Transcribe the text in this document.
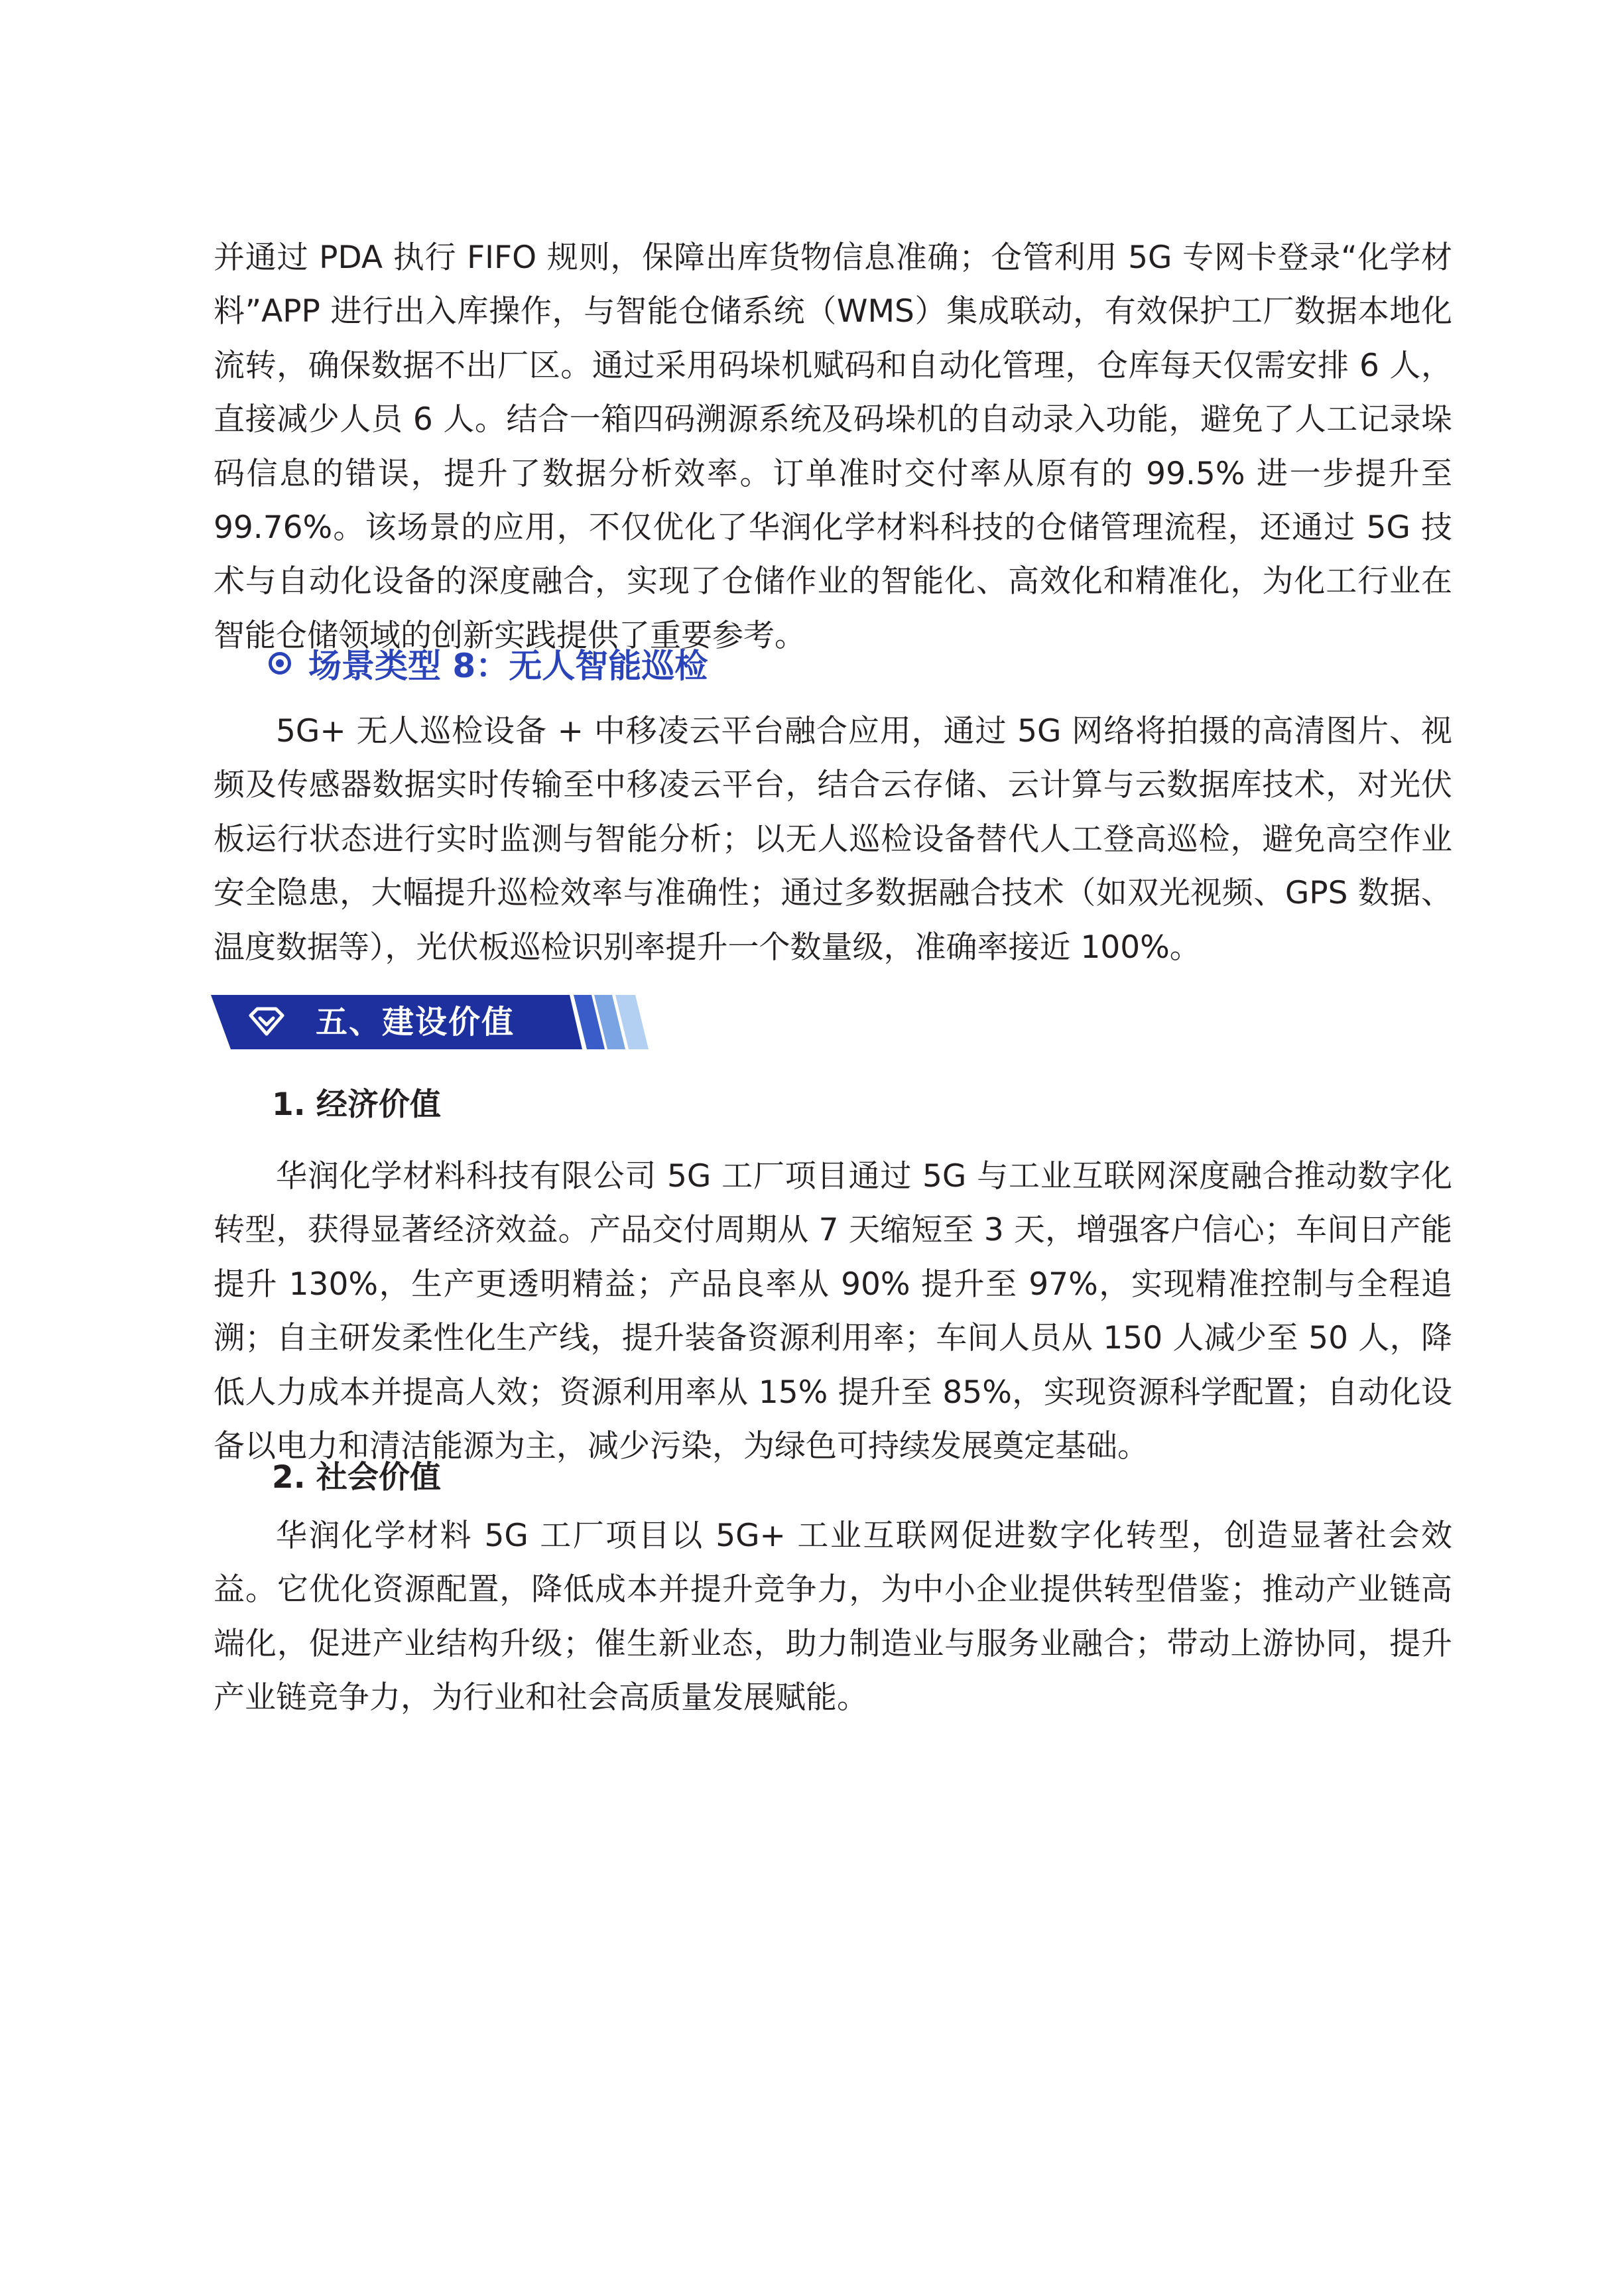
并通过 PDA 执行 FIFO 规则，保障出库货物信息准确；仓管利用 5G 专网卡登录“化学材料”APP 进行出入库操作，与智能仓储系统（WMS）集成联动，有效保护工厂数据本地化流转，确保数据不出厂区。通过采用码垛机赋码和自动化管理，仓库每天仅需安排 6 人，直接减少人员 6 人。结合一箱四码溯源系统及码垛机的自动录入功能，避免了人工记录垛码信息的错误，提升了数据分析效率。订单准时交付率从原有的 99.5% 进一步提升至 99.76%。该场景的应用，不仅优化了华润化学材料科技的仓储管理流程，还通过 5G 技术与自动化设备的深度融合，实现了仓储作业的智能化、高效化和精准化，为化工行业在智能仓储领域的创新实践提供了重要参考。

场景类型 8：无人智能巡检

5G+ 无人巡检设备 + 中移凌云平台融合应用，通过 5G 网络将拍摄的高清图片、视频及传感器数据实时传输至中移凌云平台，结合云存储、云计算与云数据库技术，对光伏板运行状态进行实时监测与智能分析；以无人巡检设备替代人工登高巡检，避免高空作业安全隐患，大幅提升巡检效率与准确性；通过多数据融合技术（如双光视频、GPS 数据、温度数据等），光伏板巡检识别率提升一个数量级，准确率接近 100%。

五、建设价值
1. 经济价值

华润化学材料科技有限公司 5G 工厂项目通过 5G 与工业互联网深度融合推动数字化转型，获得显著经济效益。产品交付周期从 7 天缩短至 3 天，增强客户信心；车间日产能提升 130%，生产更透明精益；产品良率从 90% 提升至 97%，实现精准控制与全程追溯；自主研发柔性化生产线，提升装备资源利用率；车间人员从 150 人减少至 50 人，降低人力成本并提高人效；资源利用率从 15% 提升至 85%，实现资源科学配置；自动化设备以电力和清洁能源为主，减少污染，为绿色可持续发展奠定基础。

2. 社会价值

华润化学材料 5G 工厂项目以 5G+ 工业互联网促进数字化转型，创造显著社会效益。它优化资源配置，降低成本并提升竞争力，为中小企业提供转型借鉴；推动产业链高端化，促进产业结构升级；催生新业态，助力制造业与服务业融合；带动上游协同，提升产业链竞争力，为行业和社会高质量发展赋能。
